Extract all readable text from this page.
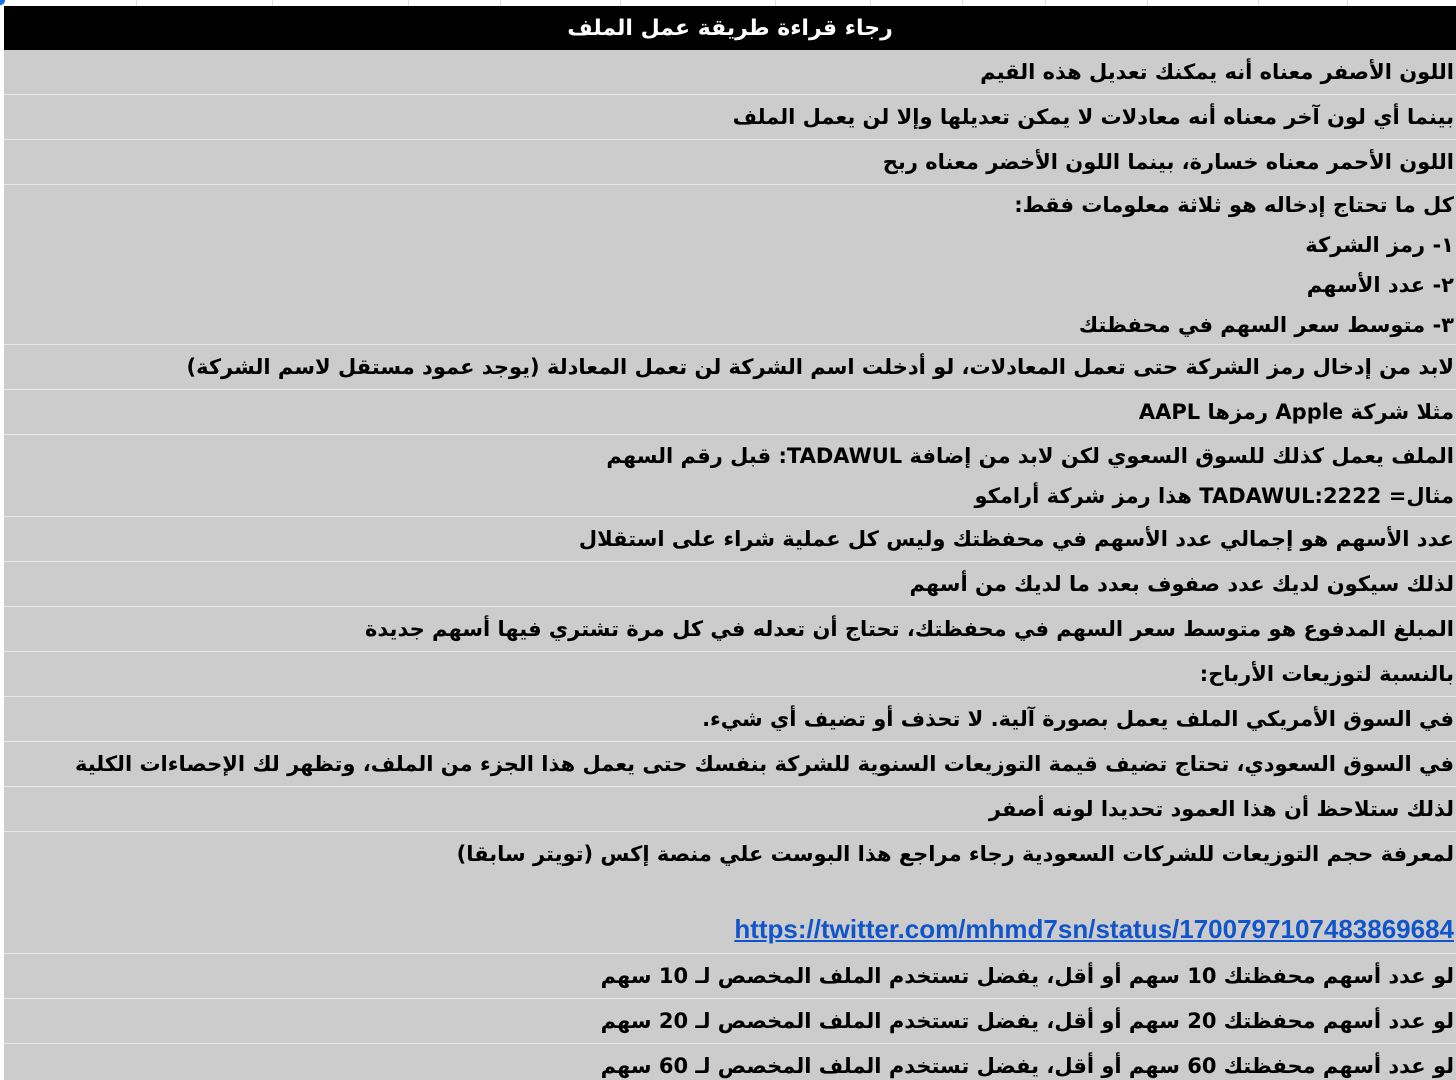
رجاء قراءة طريقة عمل الملف
اللون الأصفر معناه أنه يمكنك تعديل هذه القيم
بينما أي لون آخر معناه أنه معادلات لا يمكن تعديلها وإلا لن يعمل الملف
اللون الأحمر معناه خسارة، بينما اللون الأخضر معناه ربح
كل ما تحتاج إدخاله هو ثلاثة معلومات فقط:
١- رمز الشركة
٢- عدد الأسهم
٣- متوسط سعر السهم في محفظتك
لابد من إدخال رمز الشركة حتى تعمل المعادلات، لو أدخلت اسم الشركة لن تعمل المعادلة (يوجد عمود مستقل لاسم الشركة)
مثلا شركة Apple رمزها AAPL
الملف يعمل كذلك للسوق السعوي لكن لابد من إضافة TADAWUL: قبل رقم السهم
مثال= TADAWUL:2222 هذا رمز شركة أرامكو
عدد الأسهم هو إجمالي عدد الأسهم في محفظتك وليس كل عملية شراء على استقلال
لذلك سيكون لديك عدد صفوف بعدد ما لديك من أسهم
المبلغ المدفوع هو متوسط سعر السهم في محفظتك، تحتاج أن تعدله في كل مرة تشتري فيها أسهم جديدة
بالنسبة لتوزيعات الأرباح:
في السوق الأمريكي الملف يعمل بصورة آلية. لا تحذف أو تضيف أي شيء.
في السوق السعودي، تحتاج تضيف قيمة التوزيعات السنوية للشركة بنفسك حتى يعمل هذا الجزء من الملف، وتظهر لك الإحصاءات الكلية
لذلك ستلاحظ أن هذا العمود تحديدا لونه أصفر
لمعرفة حجم التوزيعات للشركات السعودية رجاء مراجع هذا البوست علي منصة إكس (تويتر سابقا)
https://twitter.com/mhmd7sn/status/1700797107483869684
لو عدد أسهم محفظتك 10 سهم أو أقل، يفضل تستخدم الملف المخصص لـ 10 سهم
لو عدد أسهم محفظتك 20 سهم أو أقل، يفضل تستخدم الملف المخصص لـ 20 سهم
لو عدد أسهم محفظتك 60 سهم أو أقل، يفضل تستخدم الملف المخصص لـ 60 سهم
